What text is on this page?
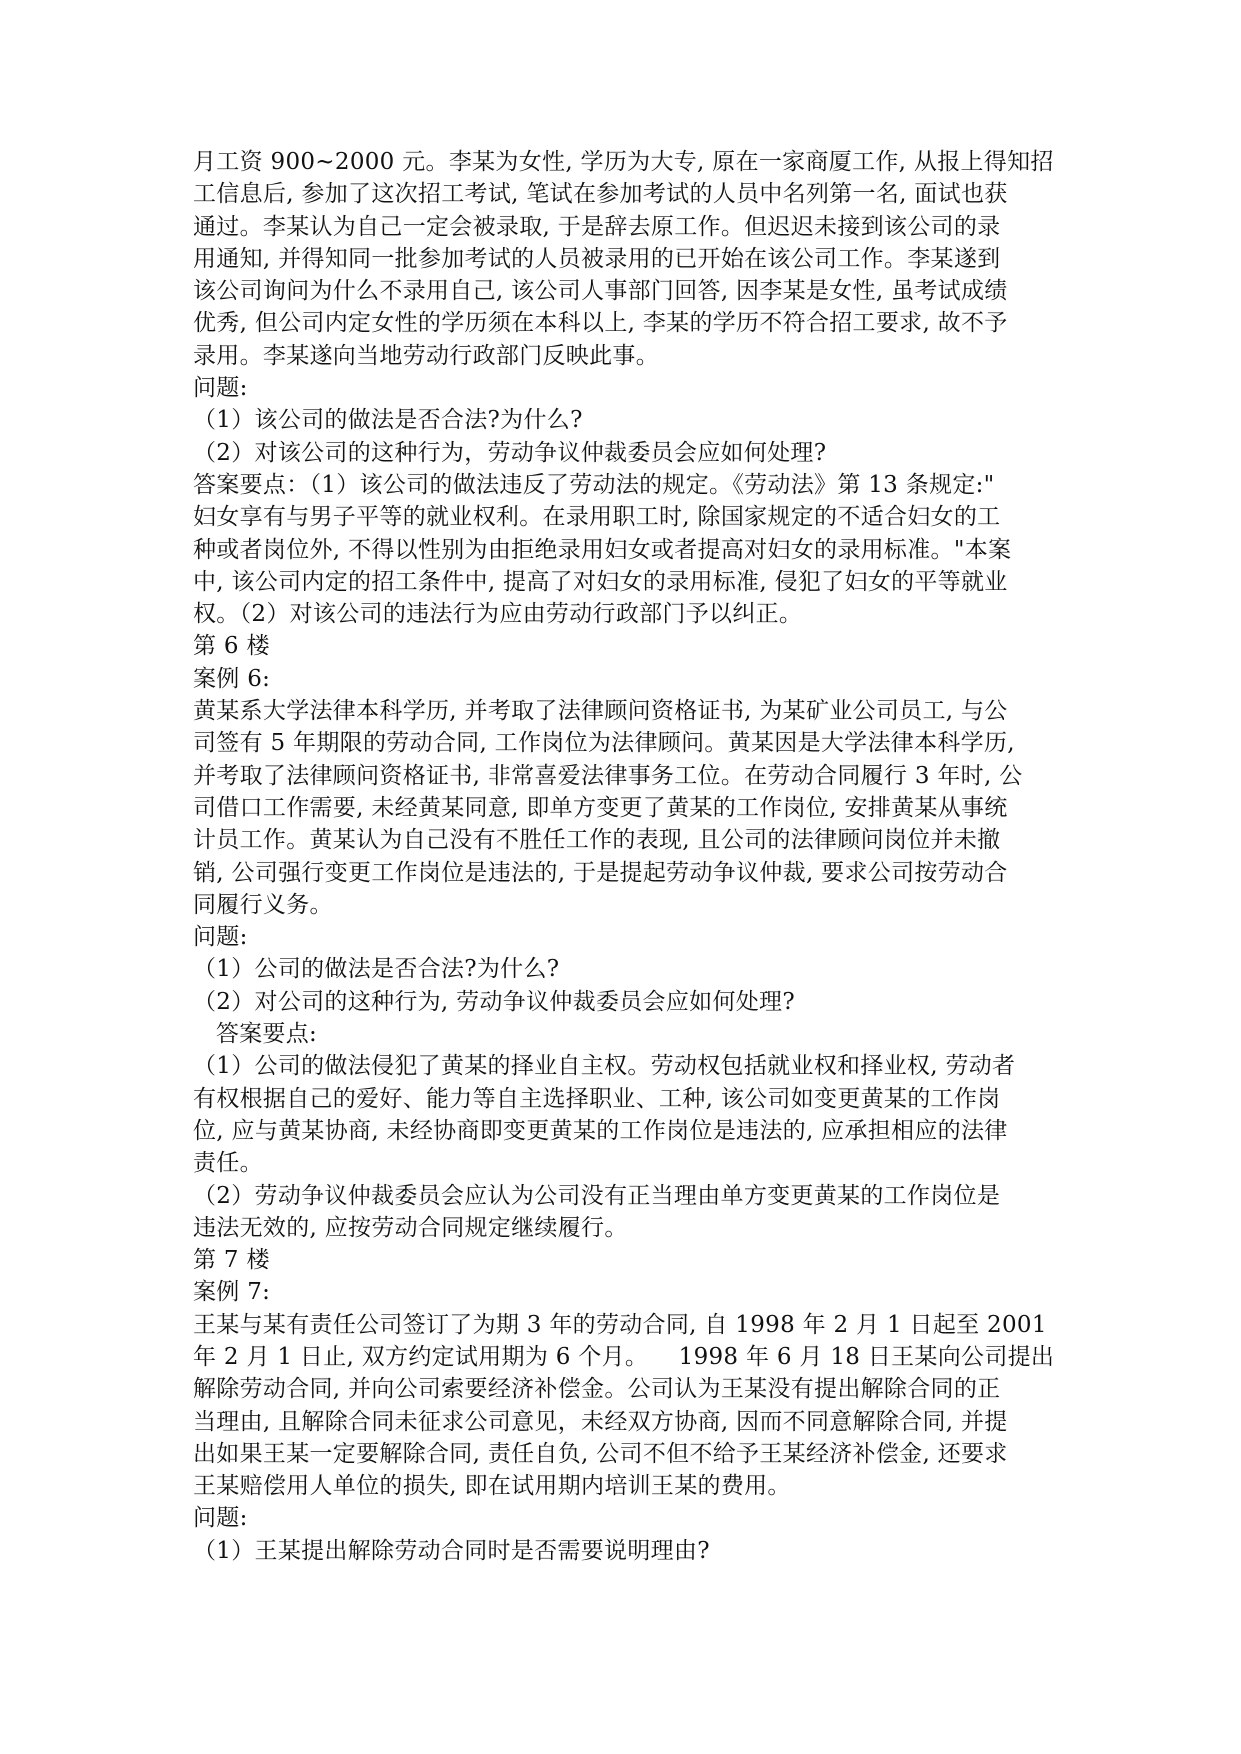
月工资 900~2000 元。李某为女性, 学历为大专, 原在一家商厦工作, 从报上得知招
工信息后, 参加了这次招工考试, 笔试在参加考试的人员中名列第一名, 面试也获
通过。李某认为自己一定会被录取, 于是辞去原工作。但迟迟未接到该公司的录
用通知, 并得知同一批参加考试的人员被录用的已开始在该公司工作。李某遂到
该公司询问为什么不录用自己, 该公司人事部门回答, 因李某是女性, 虽考试成绩
优秀, 但公司内定女性的学历须在本科以上, 李某的学历不符合招工要求, 故不予
录用。李某遂向当地劳动行政部门反映此事。
问题:
（1）该公司的做法是否合法?为什么?
（2）对该公司的这种行为，劳动争议仲裁委员会应如何处理?
答案要点：（1）该公司的做法违反了劳动法的规定。《劳动法》第 13 条规定:"
妇女享有与男子平等的就业权利。在录用职工时, 除国家规定的不适合妇女的工
种或者岗位外, 不得以性别为由拒绝录用妇女或者提高对妇女的录用标准。"本案
中, 该公司内定的招工条件中, 提高了对妇女的录用标准, 侵犯了妇女的平等就业
权。（2）对该公司的违法行为应由劳动行政部门予以纠正。
第 6 楼
案例 6:
黄某系大学法律本科学历, 并考取了法律顾问资格证书, 为某矿业公司员工, 与公
司签有 5 年期限的劳动合同, 工作岗位为法律顾问。黄某因是大学法律本科学历,
并考取了法律顾问资格证书, 非常喜爱法律事务工位。在劳动合同履行 3 年时, 公
司借口工作需要, 未经黄某同意, 即单方变更了黄某的工作岗位, 安排黄某从事统
计员工作。黄某认为自己没有不胜任工作的表现, 且公司的法律顾问岗位并未撤
销, 公司强行变更工作岗位是违法的, 于是提起劳动争议仲裁, 要求公司按劳动合
同履行义务。
问题:
（1）公司的做法是否合法?为什么?
（2）对公司的这种行为, 劳动争议仲裁委员会应如何处理?
答案要点:
（1）公司的做法侵犯了黄某的择业自主权。劳动权包括就业权和择业权, 劳动者
有权根据自己的爱好、能力等自主选择职业、工种, 该公司如变更黄某的工作岗
位, 应与黄某协商, 未经协商即变更黄某的工作岗位是违法的, 应承担相应的法律
责任。
（2）劳动争议仲裁委员会应认为公司没有正当理由单方变更黄某的工作岗位是
违法无效的, 应按劳动合同规定继续履行。
第 7 楼
案例 7:
王某与某有责任公司签订了为期 3 年的劳动合同, 自 1998 年 2 月 1 日起至 2001
年 2 月 1 日止, 双方约定试用期为 6 个月。    1998 年 6 月 18 日王某向公司提出
解除劳动合同, 并向公司索要经济补偿金。公司认为王某没有提出解除合同的正
当理由, 且解除合同未征求公司意见，未经双方协商, 因而不同意解除合同, 并提
出如果王某一定要解除合同, 责任自负, 公司不但不给予王某经济补偿金, 还要求
王某赔偿用人单位的损失, 即在试用期内培训王某的费用。
问题:
（1）王某提出解除劳动合同时是否需要说明理由?
